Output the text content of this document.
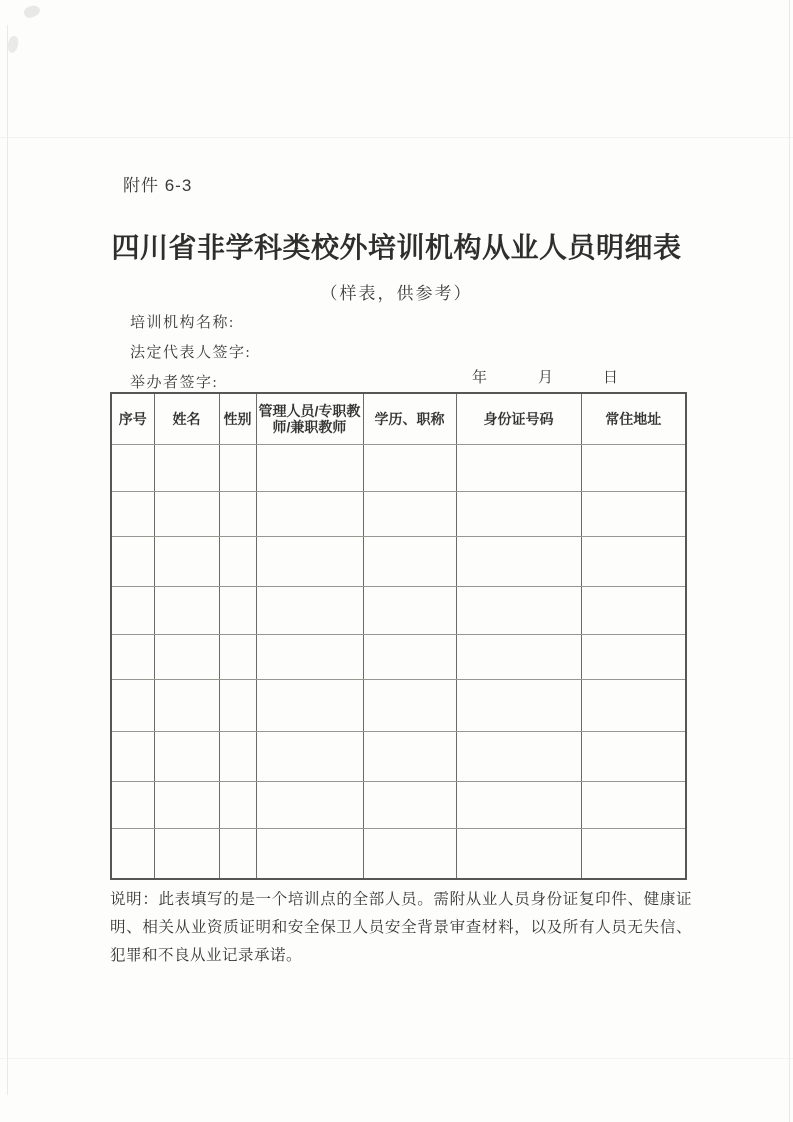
附件 6-3
四川省非学科类校外培训机构从业人员明细表
（样表，供参考）
培训机构名称:
法定代表人签字:
举办者签字:	年	月	日
序号	姓名	性别	管理人员/专职教师/兼职教师	学历、职称	身份证号码	常住地址

说明：此表填写的是一个培训点的全部人员。需附从业人员身份证复印件、健康证明、相关从业资质证明和安全保卫人员安全背景审查材料，以及所有人员无失信、犯罪和不良从业记录承诺。
